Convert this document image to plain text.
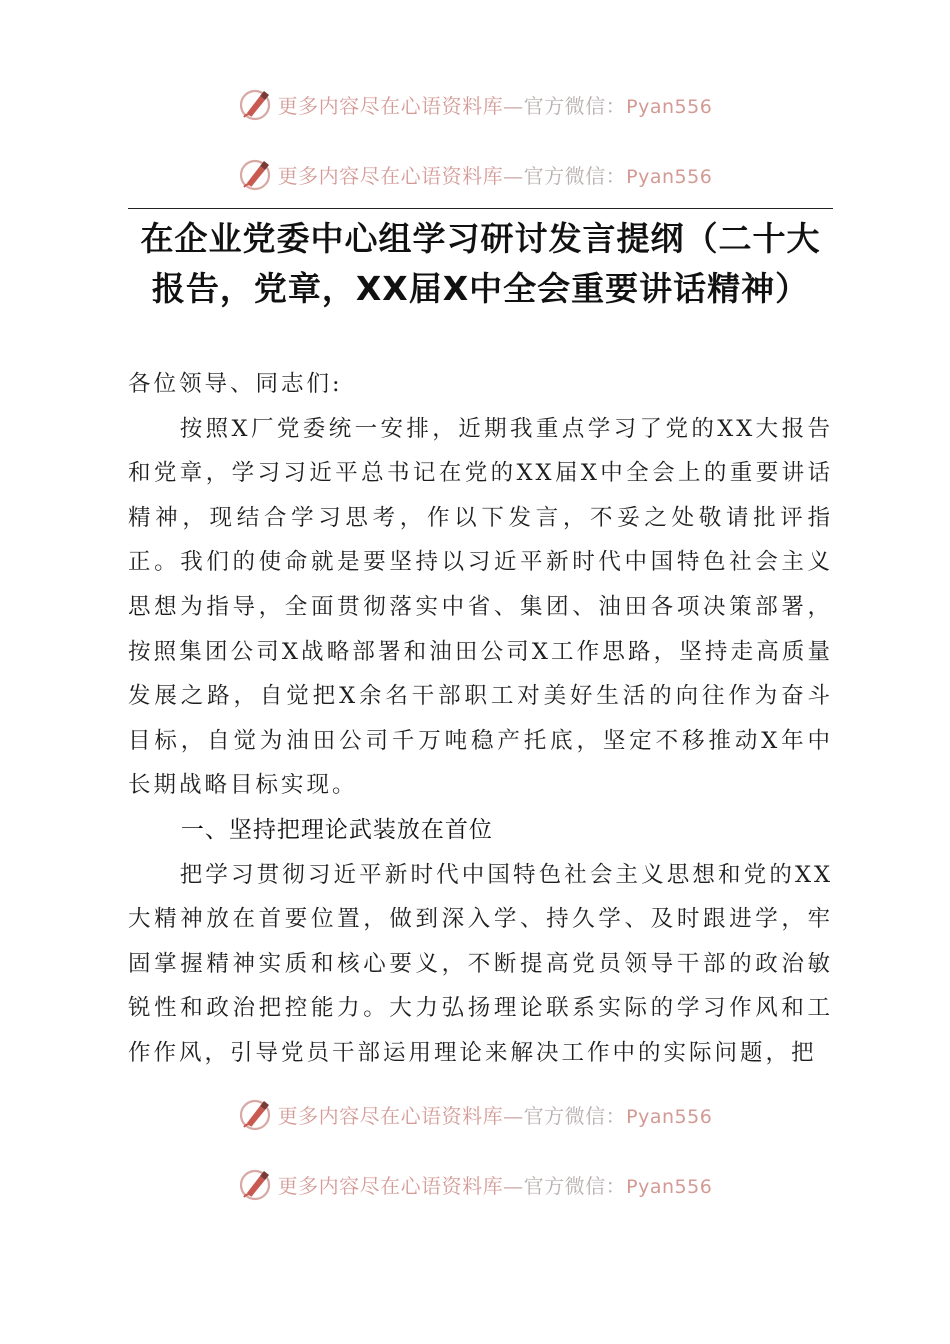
更多内容尽在心语资料库—官方微信：Pyan556
更多内容尽在心语资料库—官方微信：Pyan556
在企业党委中心组学习研讨发言提纲（二十大
报告，党章，XX届X中全会重要讲话精神）

各位领导、同志们:

按照X厂党委统一安排，近期我重点学习了党的XX大报告和党章，学习习近平总书记在党的XX届X中全会上的重要讲话精神，现结合学习思考，作以下发言，不妥之处敬请批评指正。我们的使命就是要坚持以习近平新时代中国特色社会主义思想为指导，全面贯彻落实中省、集团、油田各项决策部署，按照集团公司X战略部署和油田公司X工作思路，坚持走高质量发展之路，自觉把X余名干部职工对美好生活的向往作为奋斗目标，自觉为油田公司千万吨稳产托底，坚定不移推动X年中长期战略目标实现。

一、坚持把理论武装放在首位

把学习贯彻习近平新时代中国特色社会主义思想和党的XX大精神放在首要位置，做到深入学、持久学、及时跟进学，牢固掌握精神实质和核心要义，不断提高党员领导干部的政治敏锐性和政治把控能力。大力弘扬理论联系实际的学习作风和工作作风，引导党员干部运用理论来解决工作中的实际问题，把

更多内容尽在心语资料库—官方微信：Pyan556
更多内容尽在心语资料库—官方微信：Pyan556
